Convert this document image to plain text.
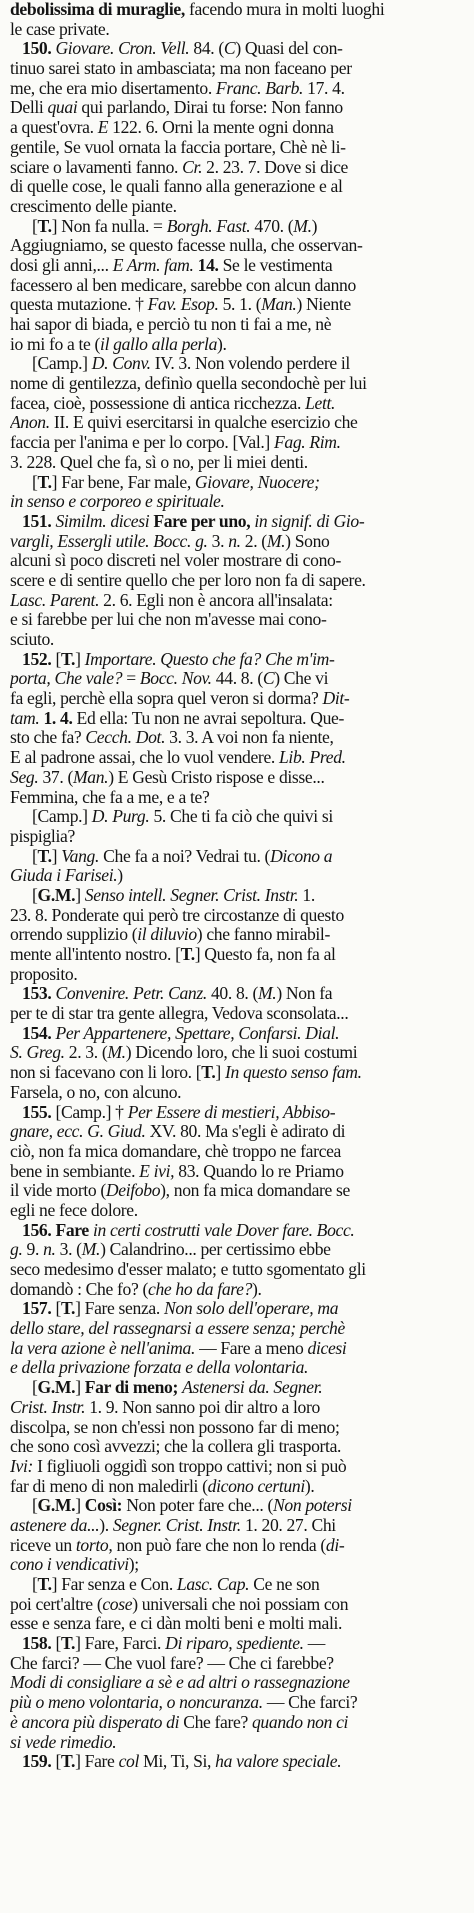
debolissima di muraglie, facendo mura in molti luoghi
le case private.
150. Giovare. Cron. Vell. 84. (C) Quasi del con-
tinuo sarei stato in ambasciata; ma non faceano per
me, che era mio disertamento. Franc. Barb. 17. 4.
Delli quai qui parlando, Dirai tu forse: Non fanno
a quest'ovra. E 122. 6. Orni la mente ogni donna
gentile, Se vuol ornata la faccia portare, Chè nè li-
sciare o lavamenti fanno. Cr. 2. 23. 7. Dove si dice
di quelle cose, le quali fanno alla generazione e al
crescimento delle piante.
[T.] Non fa nulla. = Borgh. Fast. 470. (M.)
Aggiugniamo, se questo facesse nulla, che osservan-
dosi gli anni,... E Arm. fam. 14. Se le vestimenta
facessero al ben medicare, sarebbe con alcun danno
questa mutazione. † Fav. Esop. 5. 1. (Man.) Niente
hai sapor di biada, e perciò tu non ti fai a me, nè
io mi fo a te (il gallo alla perla).
[Camp.] D. Conv. IV. 3. Non volendo perdere il
nome di gentilezza, definìo quella secondochè per lui
facea, cioè, possessione di antica ricchezza. Lett.
Anon. II. E quivi esercitarsi in qualche esercizio che
faccia per l'anima e per lo corpo. [Val.] Fag. Rim.
3. 228. Quel che fa, sì o no, per li miei denti.
[T.] Far bene, Far male, Giovare, Nuocere;
in senso e corporeo e spirituale.
151. Similm. dicesi Fare per uno, in signif. di Gio-
vargli, Essergli utile. Bocc. g. 3. n. 2. (M.) Sono
alcuni sì poco discreti nel voler mostrare di cono-
scere e di sentire quello che per loro non fa di sapere.
Lasc. Parent. 2. 6. Egli non è ancora all'insalata:
e si farebbe per lui che non m'avesse mai cono-
sciuto.
152. [T.] Importare. Questo che fa? Che m'im-
porta, Che vale? = Bocc. Nov. 44. 8. (C) Che vi
fa egli, perchè ella sopra quel veron si dorma? Dit-
tam. 1. 4. Ed ella: Tu non ne avrai sepoltura. Que-
sto che fa? Cecch. Dot. 3. 3. A voi non fa niente,
E al padrone assai, che lo vuol vendere. Lib. Pred.
Seg. 37. (Man.) E Gesù Cristo rispose e disse...
Femmina, che fa a me, e a te?
[Camp.] D. Purg. 5. Che ti fa ciò che quivi si
pispiglia?
[T.] Vang. Che fa a noi? Vedrai tu. (Dicono a
Giuda i Farisei.)
[G.M.] Senso intell. Segner. Crist. Instr. 1.
23. 8. Ponderate qui però tre circostanze di questo
orrendo supplizio (il diluvio) che fanno mirabil-
mente all'intento nostro. [T.] Questo fa, non fa al
proposito.
153. Convenire. Petr. Canz. 40. 8. (M.) Non fa
per te di star tra gente allegra, Vedova sconsolata...
154. Per Appartenere, Spettare, Confarsi. Dial.
S. Greg. 2. 3. (M.) Dicendo loro, che li suoi costumi
non si facevano con li loro. [T.] In questo senso fam.
Farsela, o no, con alcuno.
155. [Camp.] † Per Essere di mestieri, Abbiso-
gnare, ecc. G. Giud. XV. 80. Ma s'egli è adirato di
ciò, non fa mica domandare, chè troppo ne farcea
bene in sembiante. E ivi, 83. Quando lo re Priamo
il vide morto (Deifobo), non fa mica domandare se
egli ne fece dolore.
156. Fare in certi costrutti vale Dover fare. Bocc.
g. 9. n. 3. (M.) Calandrino... per certissimo ebbe
seco medesimo d'esser malato; e tutto sgomentato gli
domandò : Che fo? (che ho da fare?).
157. [T.] Fare senza. Non solo dell'operare, ma
dello stare, del rassegnarsi a essere senza; perchè
la vera azione è nell'anima. — Fare a meno dicesi
e della privazione forzata e della volontaria.
[G.M.] Far di meno; Astenersi da. Segner.
Crist. Instr. 1. 9. Non sanno poi dir altro a loro
discolpa, se non ch'essi non possono far di meno;
che sono così avvezzi; che la collera gli trasporta.
Ivi: I figliuoli oggidì son troppo cattivi; non si può
far di meno di non maledirli (dicono certuni).
[G.M.] Così: Non poter fare che... (Non potersi
astenere da...). Segner. Crist. Instr. 1. 20. 27. Chi
riceve un torto, non può fare che non lo renda (di-
cono i vendicativi);
[T.] Far senza e Con. Lasc. Cap. Ce ne son
poi cert'altre (cose) universali che noi possiam con
esse e senza fare, e ci dàn molti beni e molti mali.
158. [T.] Fare, Farci. Di riparo, spediente. —
Che farci? — Che vuol fare? — Che ci farebbe?
Modi di consigliare a sè e ad altri o rassegnazione
più o meno volontaria, o noncuranza. — Che farci?
è ancora più disperato di Che fare? quando non ci
si vede rimedio.
159. [T.] Fare col Mi, Ti, Si, ha valore speciale.
